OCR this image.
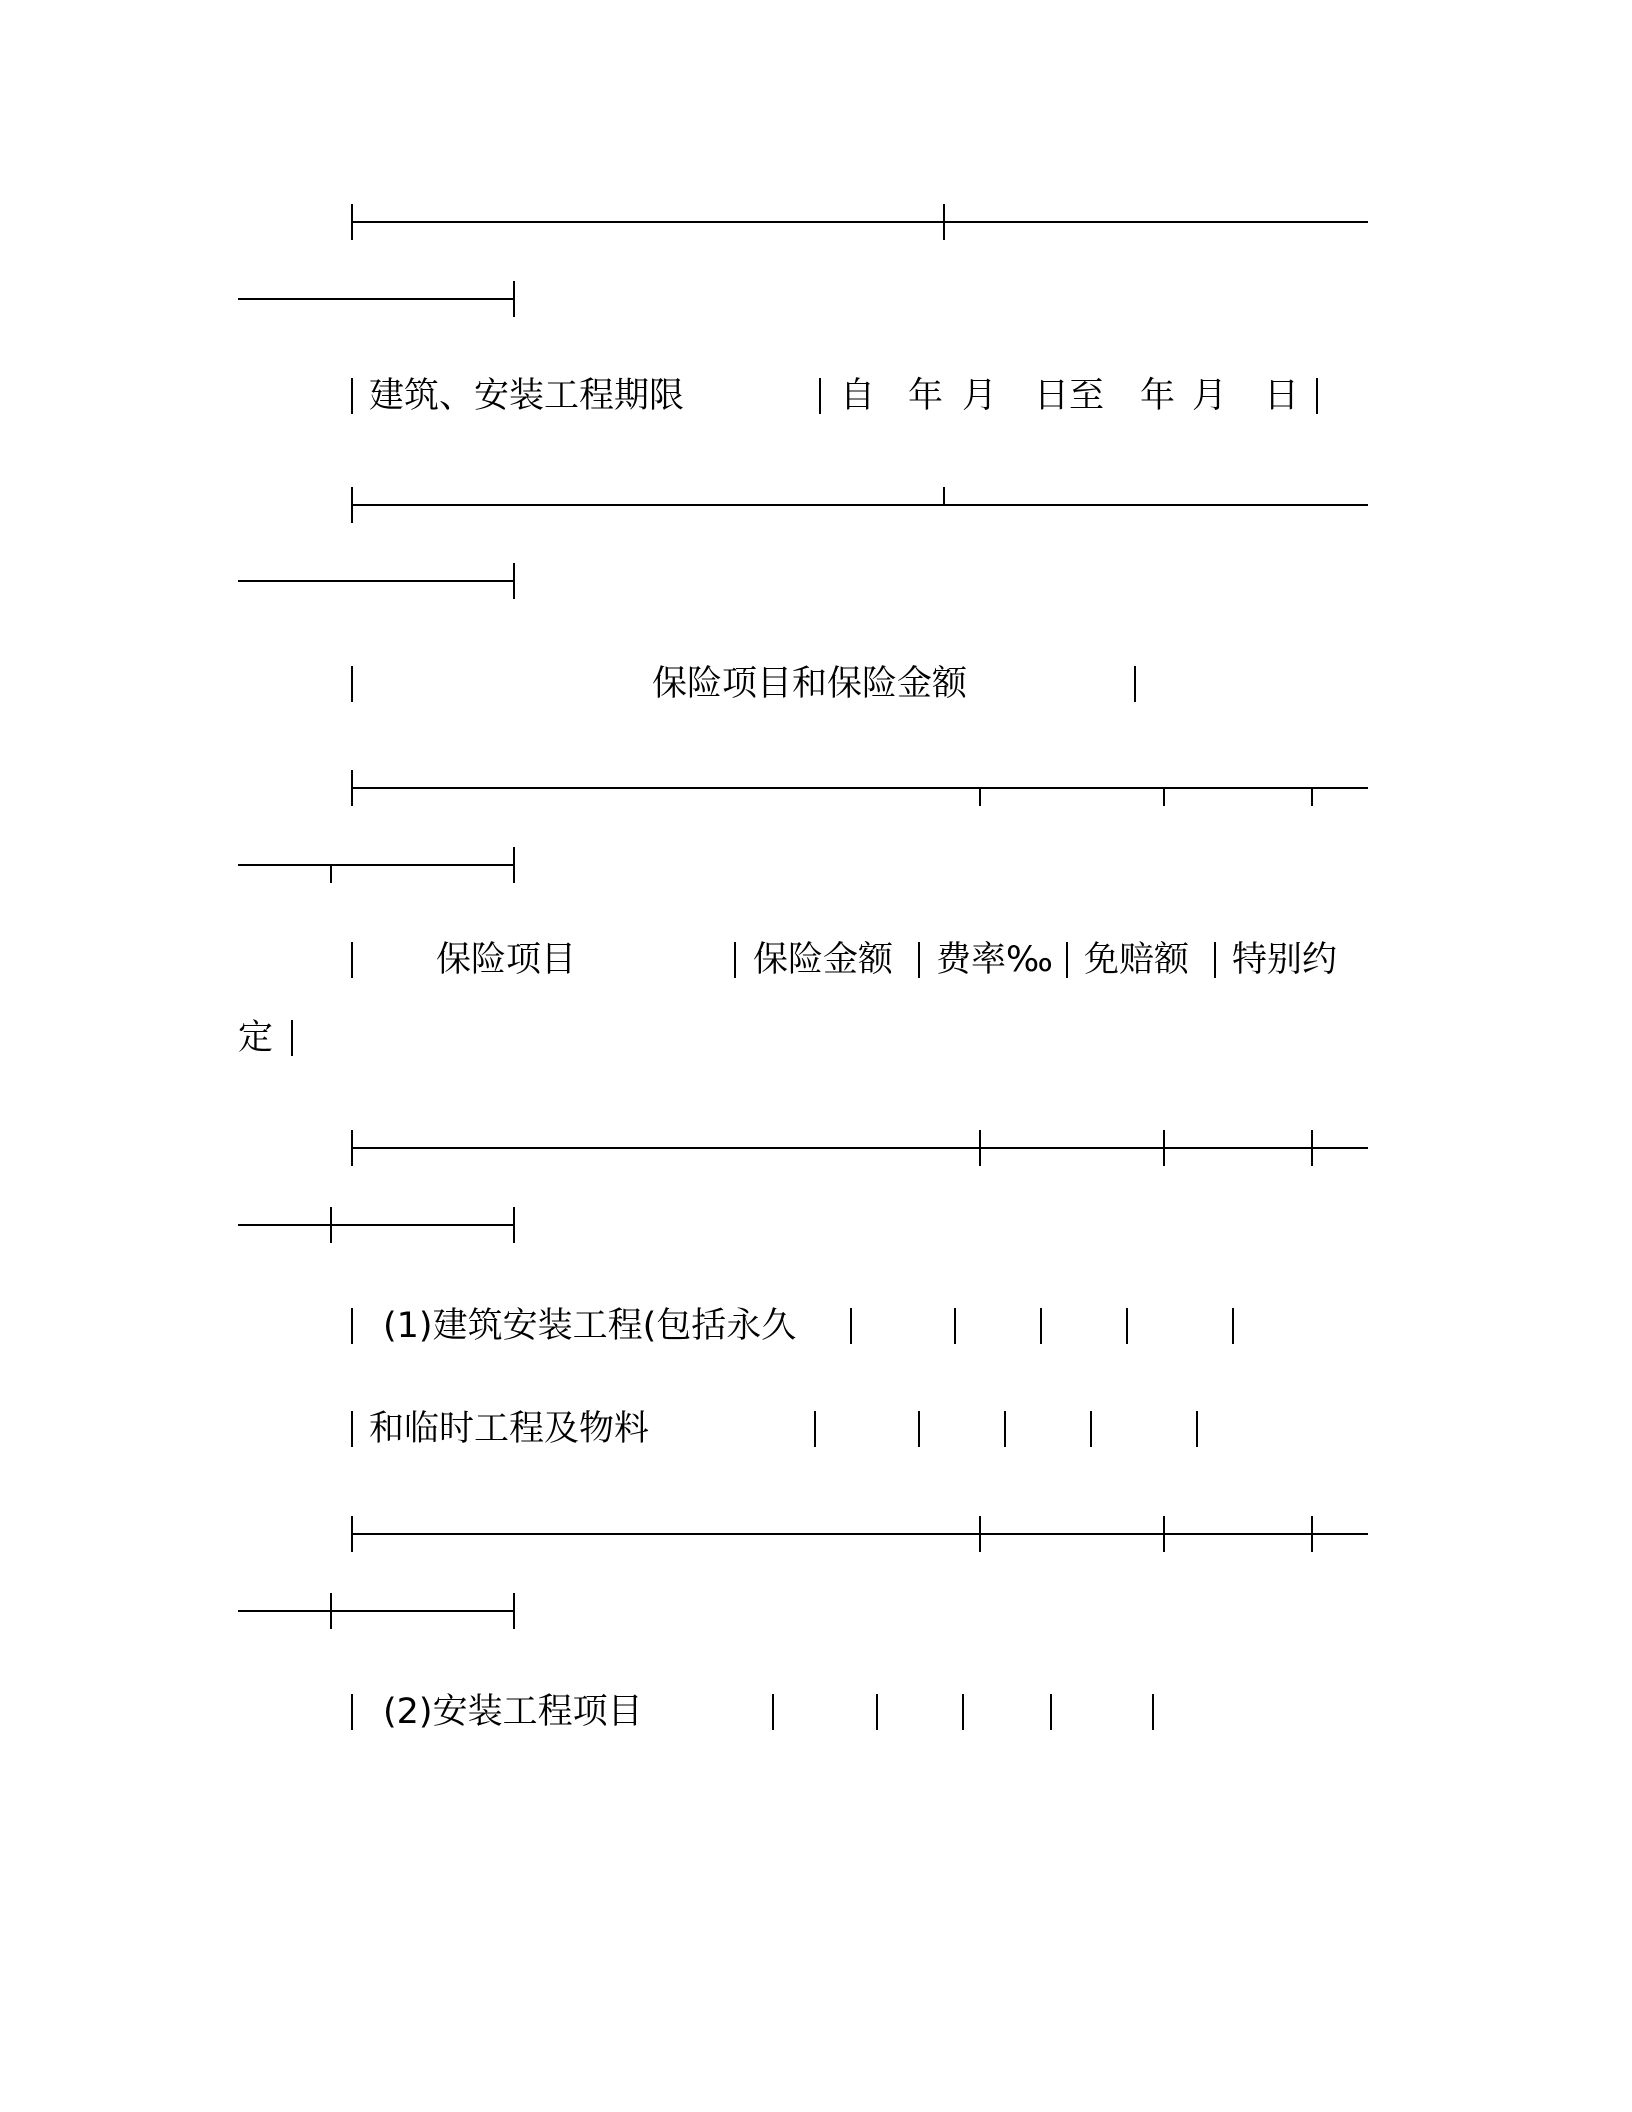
建筑、安装工程期限	自 年 月 日至 年 月 日
保险项目和保险金额
保险项目	保险金额 费率‰ 免赔额 特别约
定
(1)建筑安装工程(包括永久
和临时工程及物料
(2)安装工程项目
